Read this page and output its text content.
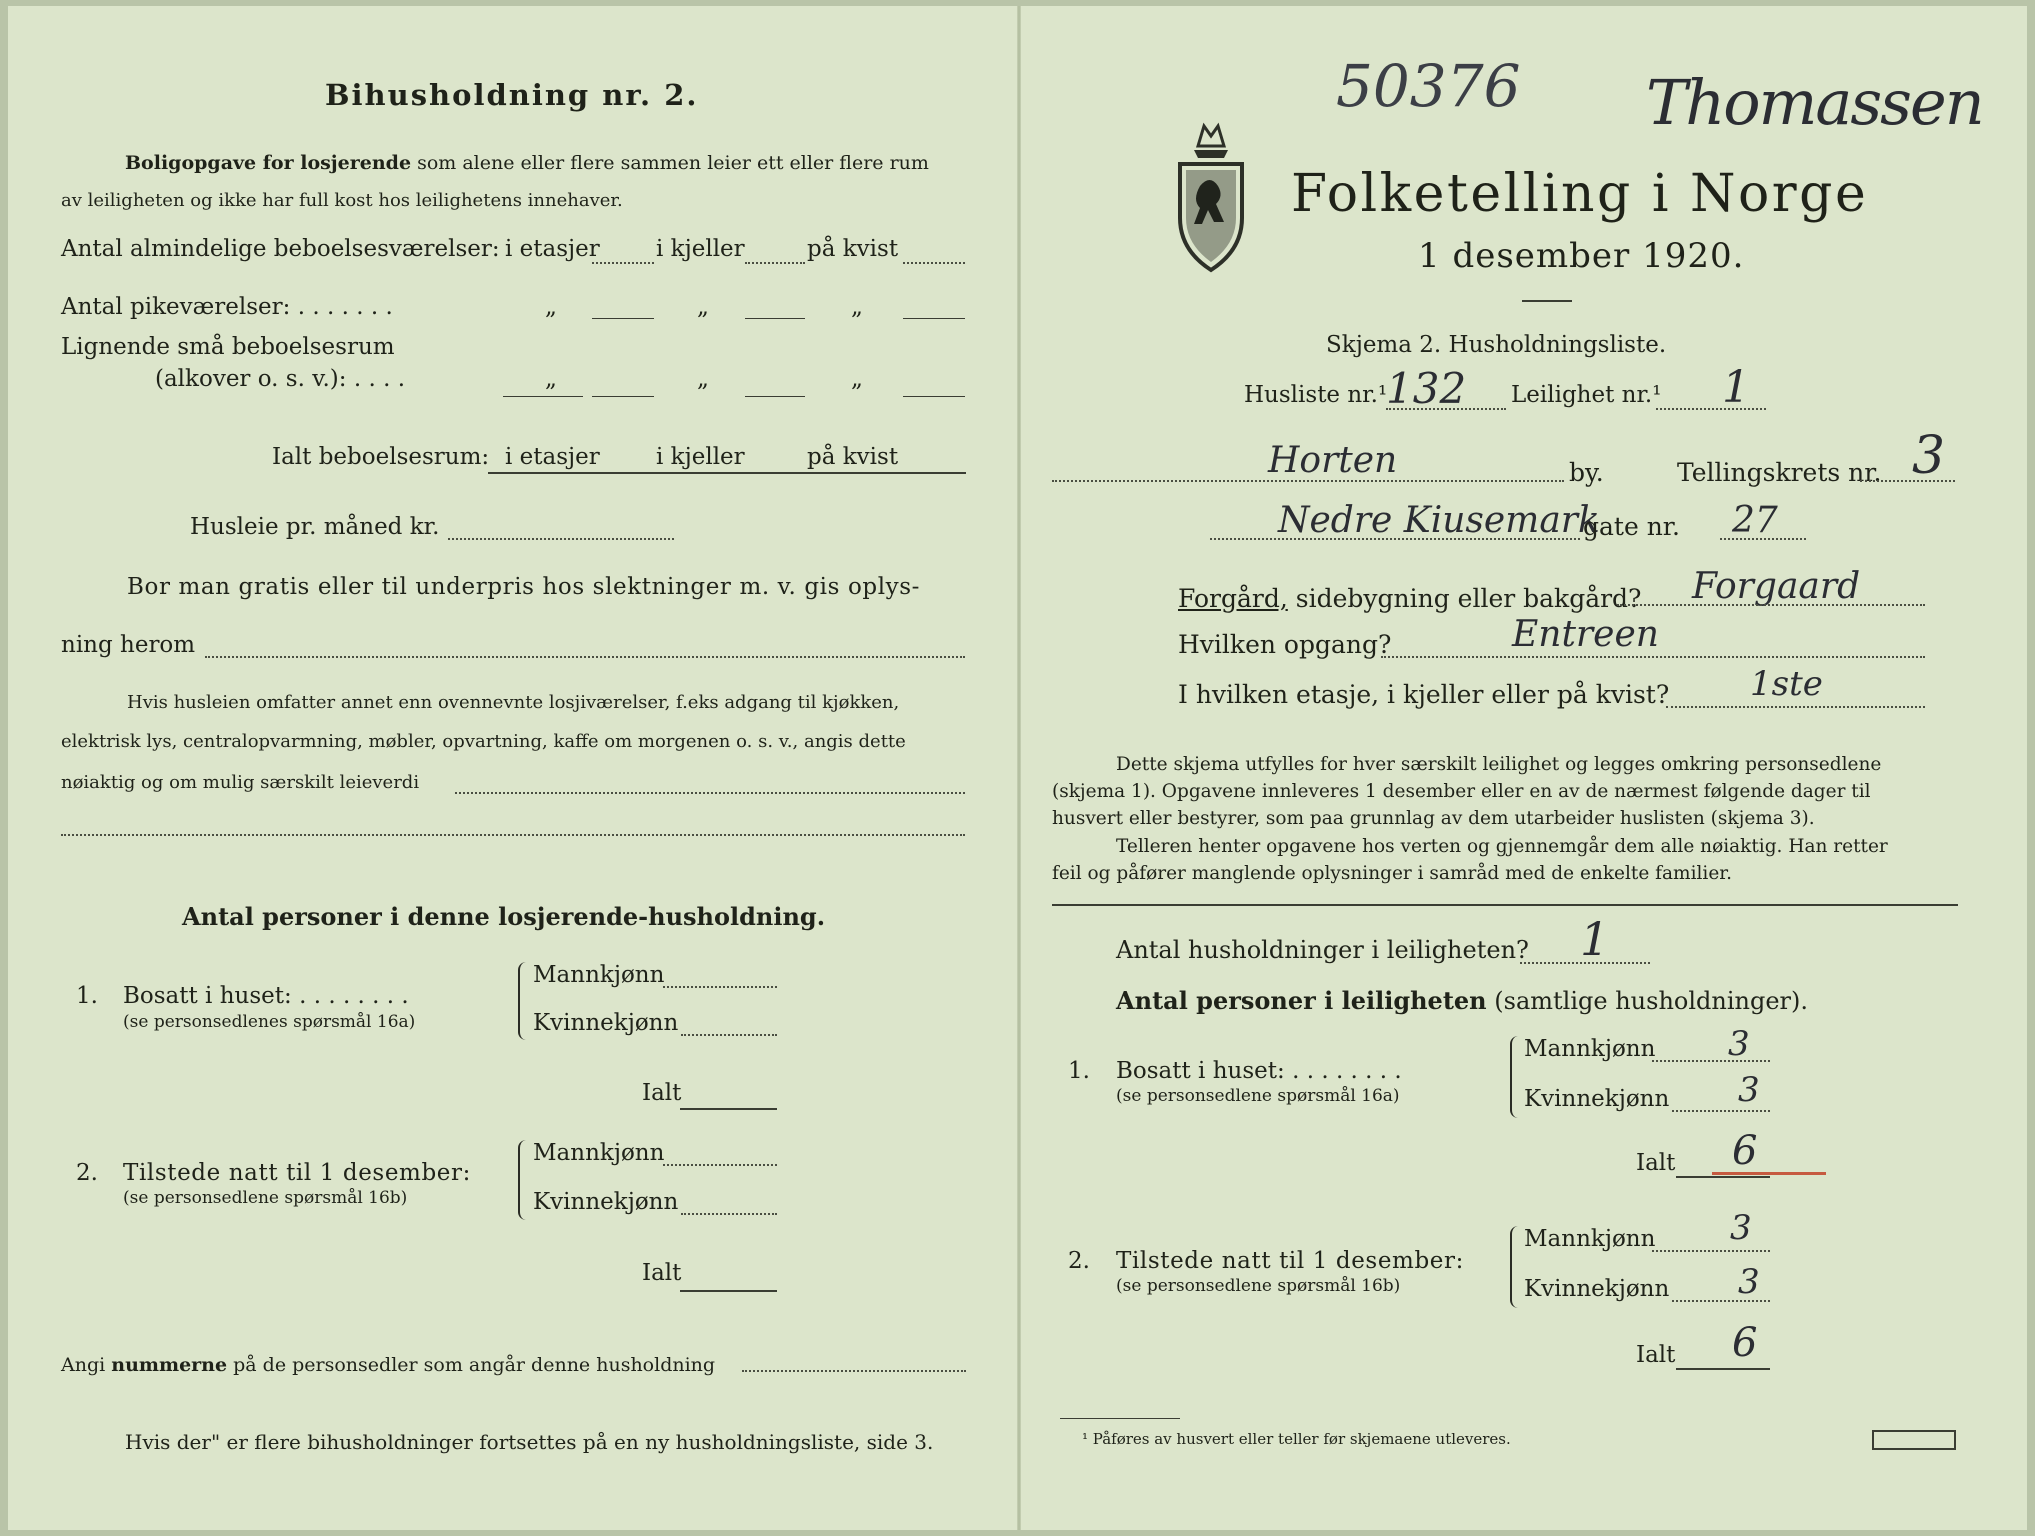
Bihusholdning nr. 2.
Boligopgave for losjerende som alene eller flere sammen leier ett eller flere rum
av leiligheten og ikke har full kost hos leilighetens innehaver.
Antal almindelige beboelsesværelser: i etasjer i kjeller	på kvist
Antal pikeværelser: . . . . . . .	„	„	„
Lignende små beboelsesrum
(alkover o. s. v.): . . . .	„	„	„
Ialt beboelsesrum: i etasjer i kjeller	på kvist
Husleie pr. måned kr.
Bor man gratis eller til underpris hos slektninger m. v. gis oplys-
ning herom
Hvis husleien omfatter annet enn ovennevnte losjiværelser, f.eks adgang til kjøkken,
elektrisk lys, centralopvarmning, møbler, opvartning, kaffe om morgenen o. s. v., angis dette
nøiaktig og om mulig særskilt leieverdi
Antal personer i denne losjerende-husholdning.
1. Bosatt i huset: . . . . . . . .
(se personsedlenes spørsmål 16a)
Mannkjønn
Kvinnekjønn
Ialt
2. Tilstede natt til 1 desember:
(se personsedlene spørsmål 16b)
Mannkjønn
Kvinnekjønn
Ialt
Angi nummerne på de personsedler som angår denne husholdning
Hvis der" er flere bihusholdninger fortsettes på en ny husholdningsliste, side 3.
50376 Thomassen
Folketelling i Norge
1 desember 1920.
Skjema 2. Husholdningsliste.
Husliste nr.¹
132 Leilighet nr.¹ 1
Horten	by.	Tellingskrets nr. 3
Nedre Kiusemark
gate nr. 27
Forgård, sidebygning eller bakgård? Forgaard
Hvilken opgang?	Entreen
I hvilken etasje, i kjeller eller på kvist? 1ste
Dette skjema utfylles for hver særskilt leilighet og legges omkring personsedlene
(skjema 1). Opgavene innleveres 1 desember eller en av de nærmest følgende dager til
husvert eller bestyrer, som paa grunnlag av dem utarbeider huslisten (skjema 3).
Telleren henter opgavene hos verten og gjennemgår dem alle nøiaktig. Han retter
feil og påfører manglende oplysninger i samråd med de enkelte familier.
Antal husholdninger i leiligheten? 1
Antal personer i leiligheten (samtlige husholdninger).
1. Bosatt i huset: . . . . . . . .
(se personsedlene spørsmål 16a)
Mannkjønn 3
Kvinnekjønn 3
Ialt 6
2. Tilstede natt til 1 desember:
(se personsedlene spørsmål 16b)
Mannkjønn 3
Kvinnekjønn 3
Ialt 6
¹ Påføres av husvert eller teller før skjemaene utleveres.
